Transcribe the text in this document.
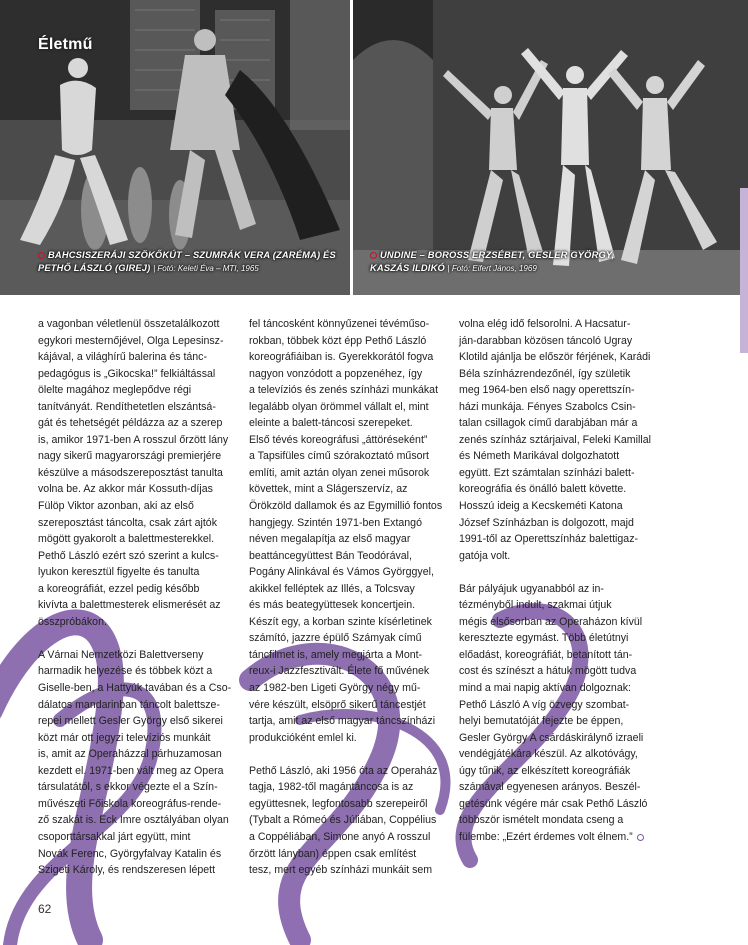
Életmű
BAHCSISZERÁJI SZÖKŐKÚT – SZUMRÁK VERA (ZARÉMA) ÉS
PETHŐ LÁSZLÓ (GIREJ) | Fotó: Keleti Éva – MTI, 1965
UNDINE – BOROSS ERZSÉBET, GESLER GYÖRGY,
KASZÁS ILDIKÓ | Fotó: Eifert János, 1969

a vagonban véletlenül összetalálkozott
egykori mesternőjével, Olga Lepesinsz-
kájával, a világhírű balerina és tánc-
pedagógus is „Gikocska!” felkiáltással
ölelte magához meglepődve régi
tanítványát. Rendíthetetlen elszántsá-
gát és tehetségét példázza az a szerep
is, amikor 1971-ben A rosszul őrzött lány
nagy sikerű magyarországi premierjére
készülve a másodszereposztást tanulta
volna be. Az akkor már Kossuth-díjas
Fülöp Viktor azonban, aki az első
szereposztást táncolta, csak zárt ajtók
mögött gyakorolt a balettmesterekkel.
Pethő László ezért szó szerint a kulcs-
lyukon keresztül figyelte és tanulta
a koreográfiát, ezzel pedig később
kivívta a balettmesterek elismerését az
összpróbákon.

A Várnai Nemzetközi Balettverseny
harmadik helyezése és többek közt a
Giselle-ben, a Hattyúk tavában és a Cso-
dálatos mandarinban táncolt balettsze-
repei mellett Gesler György első sikerei
közt már ott jegyzi televíziós munkáit
is, amit az Operaházzal párhuzamosan
kezdett el. 1971-ben vált meg az Opera
társulatától, s ekkor végezte el a Szín-
művészeti Főiskola koreográfus-rende-
ző szakát is. Eck Imre osztályában olyan
csoporttársakkal járt együtt, mint
Novák Ferenc, Györgyfalvay Katalin és
Szigeti Károly, és rendszeresen lépett

fel táncosként könnyűzenei tévéműso-
rokban, többek közt épp Pethő László
koreográfiáiban is. Gyerekkorától fogva
nagyon vonzódott a popzenéhez, így
a televíziós és zenés színházi munkákat
legalább olyan örömmel vállalt el, mint
eleinte a balett-táncosi szerepeket.
Első tévés koreográfusi „áttöréseként”
a Tapsifüles című szórakoztató műsort
említi, amit aztán olyan zenei műsorok
követtek, mint a Slágerszervíz, az
Örökzöld dallamok és az Egymillió fontos
hangjegy. Szintén 1971-ben Extangó
néven megalapítja az első magyar
beattáncegyüttest Bán Teodórával,
Pogány Alinkával és Vámos Györggyel,
akikkel felléptek az Illés, a Tolcsvay
és más beategyüttesek koncertjein.
Készít egy, a korban szinte kísérletinek
számító, jazzre épülő Számyak című
táncfilmet is, amely megjárta a Mont-
reux-i Jazzfesztivált. Élete fő művének
az 1982-ben Ligeti György négy mű-
vére készült, elsöprő sikerű táncestjét
tartja, amit az első magyar táncszínházi
produkcióként emlel ki.

Pethő László, aki 1956 óta az Operaház
tagja, 1982-től magántáncosa is az
együttesnek, legfontosabb szerepeiről
(Tybalt a Rómeó és Júliában, Coppélius
a Coppéliában, Simone anyó A rosszul
őrzött lányban) éppen csak említést
tesz, mert egyéb színházi munkáit sem

volna elég idő felsorolni. A Hacsatur-
ján-darabban közösen táncoló Ugray
Klotild ajánlja be először férjének, Karádi
Béla színházrendezőnél, így születik
meg 1964-ben első nagy operettszín-
házi munkája. Fényes Szabolcs Csin-
talan csillagok című darabjában már a
zenés színház sztárjaival, Feleki Kamillal
és Németh Marikával dolgozhatott
együtt. Ezt számtalan színházi balett-
koreográfia és önálló balett követte.
Hosszú ideig a Kecskeméti Katona
József Színházban is dolgozott, majd
1991-től az Operettszínház balettigaz-
gatója volt.

Bár pályájuk ugyanabból az in-
tézményből indult, szakmai útjuk
mégis elsősorban az Operaházon kívül
keresztezte egymást. Több életútnyi
előadást, koreográfiát, betanított tán-
cost és színészt a hátuk mögött tudva
mind a mai napig aktívan dolgoznak:
Pethő László A víg özvegy szombat-
helyi bemutatóját fejezte be éppen,
Gesler György A csárdáskirálynő izraeli
vendégjátékára készül. Az alkotóvágy,
úgy tűnik, az elkészített koreográfiák
számával egyenesen arányos. Beszél-
getésünk végére már csak Pethő László
többször ismételt mondata cseng a
fülembe: „Ezért érdemes volt élnem.”

62
